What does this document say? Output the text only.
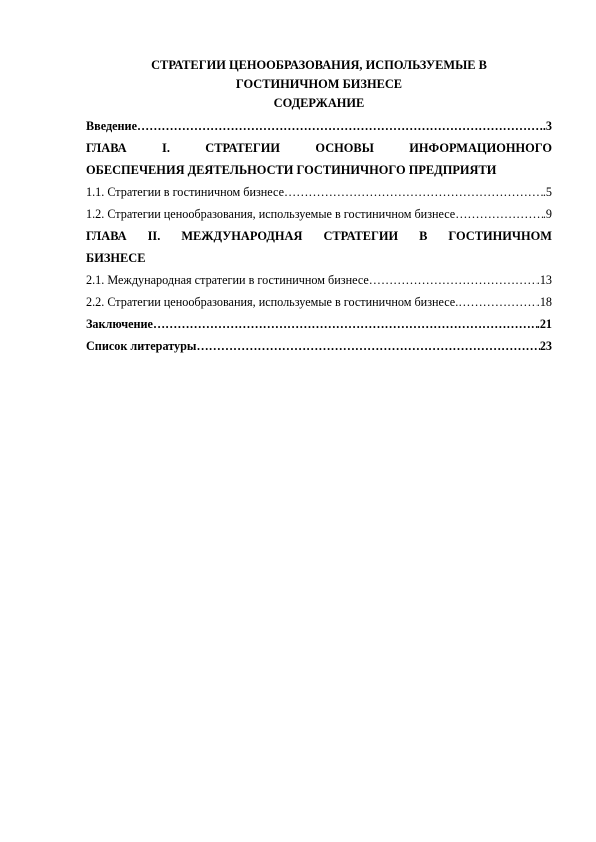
СТРАТЕГИИ ЦЕНООБРАЗОВАНИЯ, ИСПОЛЬЗУЕМЫЕ В
ГОСТИНИЧНОМ БИЗНЕСЕ
СОДЕРЖАНИЕ
Введение …………………………………………………………………………………………………………………………………………	.3
ГЛАВА	I.	СТРАТЕГИИ	ОСНОВЫ	ИНФОРМАЦИОННОГО
ОБЕСПЕЧЕНИЯ ДЕЯТЕЛЬНОСТИ ГОСТИНИЧНОГО ПРЕДПРИЯТИ
1.1. Стратегии в гостиничном бизнесе …………………………………………………………………………………………………………………………………………	.5
1.2. Стратегии ценообразования, используемые в гостиничном бизнесе …………………………………………………………………………………………………………………………………………	.9
ГЛАВА II. МЕЖДУНАРОДНАЯ СТРАТЕГИИ В ГОСТИНИЧНОМ
БИЗНЕСЕ
2.1. Международная стратегии в гостиничном бизнесе …………………………………………………………………………………………………………………………………………	.13
2.2. Стратегии ценообразования, используемые в гостиничном бизнесе. …………………………………………………………………………………………………………………………………………	.18
Заключение …………………………………………………………………………………………………………………………………………	.21
Список литературы …………………………………………………………………………………………………………………………………………	23
